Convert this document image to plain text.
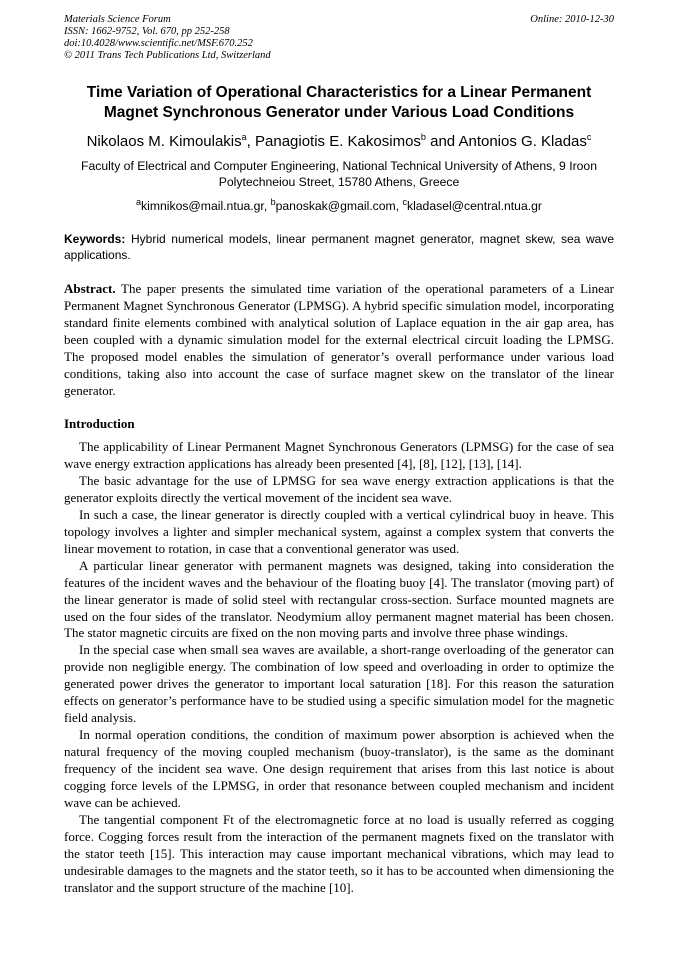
Materials Science Forum
ISSN: 1662-9752, Vol. 670, pp 252-258
doi:10.4028/www.scientific.net/MSF.670.252
© 2011 Trans Tech Publications Ltd, Switzerland
Online: 2010-12-30
Time Variation of Operational Characteristics for a Linear Permanent Magnet Synchronous Generator under Various Load Conditions
Nikolaos M. Kimoulakis$^a$, Panagiotis E. Kakosimos$^b$ and Antonios G. Kladas$^c$
Faculty of Electrical and Computer Engineering, National Technical University of Athens, 9 Iroon Polytechneiou Street, 15780 Athens, Greece
$^a$kimnikos@mail.ntua.gr, $^b$panoskak@gmail.com, $^c$kladasel@central.ntua.gr
Keywords: Hybrid numerical models, linear permanent magnet generator, magnet skew, sea wave applications.
Abstract. The paper presents the simulated time variation of the operational parameters of a Linear Permanent Magnet Synchronous Generator (LPMSG). A hybrid specific simulation model, incorporating standard finite elements combined with analytical solution of Laplace equation in the air gap area, has been coupled with a dynamic simulation model for the external electrical circuit loading the LPMSG. The proposed model enables the simulation of generator’s overall performance under various load conditions, taking also into account the case of surface magnet skew on the translator of the linear generator.
Introduction

The applicability of Linear Permanent Magnet Synchronous Generators (LPMSG) for the case of sea wave energy extraction applications has already been presented [4], [8], [12], [13], [14].

The basic advantage for the use of LPMSG for sea wave energy extraction applications is that the generator exploits directly the vertical movement of the incident sea wave.

In such a case, the linear generator is directly coupled with a vertical cylindrical buoy in heave. This topology involves a lighter and simpler mechanical system, against a complex system that converts the linear movement to rotation, in case that a conventional generator was used.

A particular linear generator with permanent magnets was designed, taking into consideration the features of the incident waves and the behaviour of the floating buoy [4]. The translator (moving part) of the linear generator is made of solid steel with rectangular cross-section. Surface mounted magnets are used on the four sides of the translator. Neodymium alloy permanent magnet material has been chosen. The stator magnetic circuits are fixed on the non moving parts and involve three phase windings.

In the special case when small sea waves are available, a short-range overloading of the generator can provide non negligible energy. The combination of low speed and overloading in order to optimize the generated power drives the generator to important local saturation [18]. For this reason the saturation effects on generator’s performance have to be studied using a specific simulation model for the magnetic field analysis.

In normal operation conditions, the condition of maximum power absorption is achieved when the natural frequency of the moving coupled mechanism (buoy-translator), is the same as the dominant frequency of the incident sea wave. One design requirement that arises from this last notice is about cogging force levels of the LPMSG, in order that resonance between coupled mechanism and incident wave can be achieved.

The tangential component Ft of the electromagnetic force at no load is usually referred as cogging force. Cogging forces result from the interaction of the permanent magnets fixed on the translator with the stator teeth [15]. This interaction may cause important mechanical vibrations, which may lead to undesirable damages to the magnets and the stator teeth, so it has to be accounted when dimensioning the translator and the support structure of the machine [10].
